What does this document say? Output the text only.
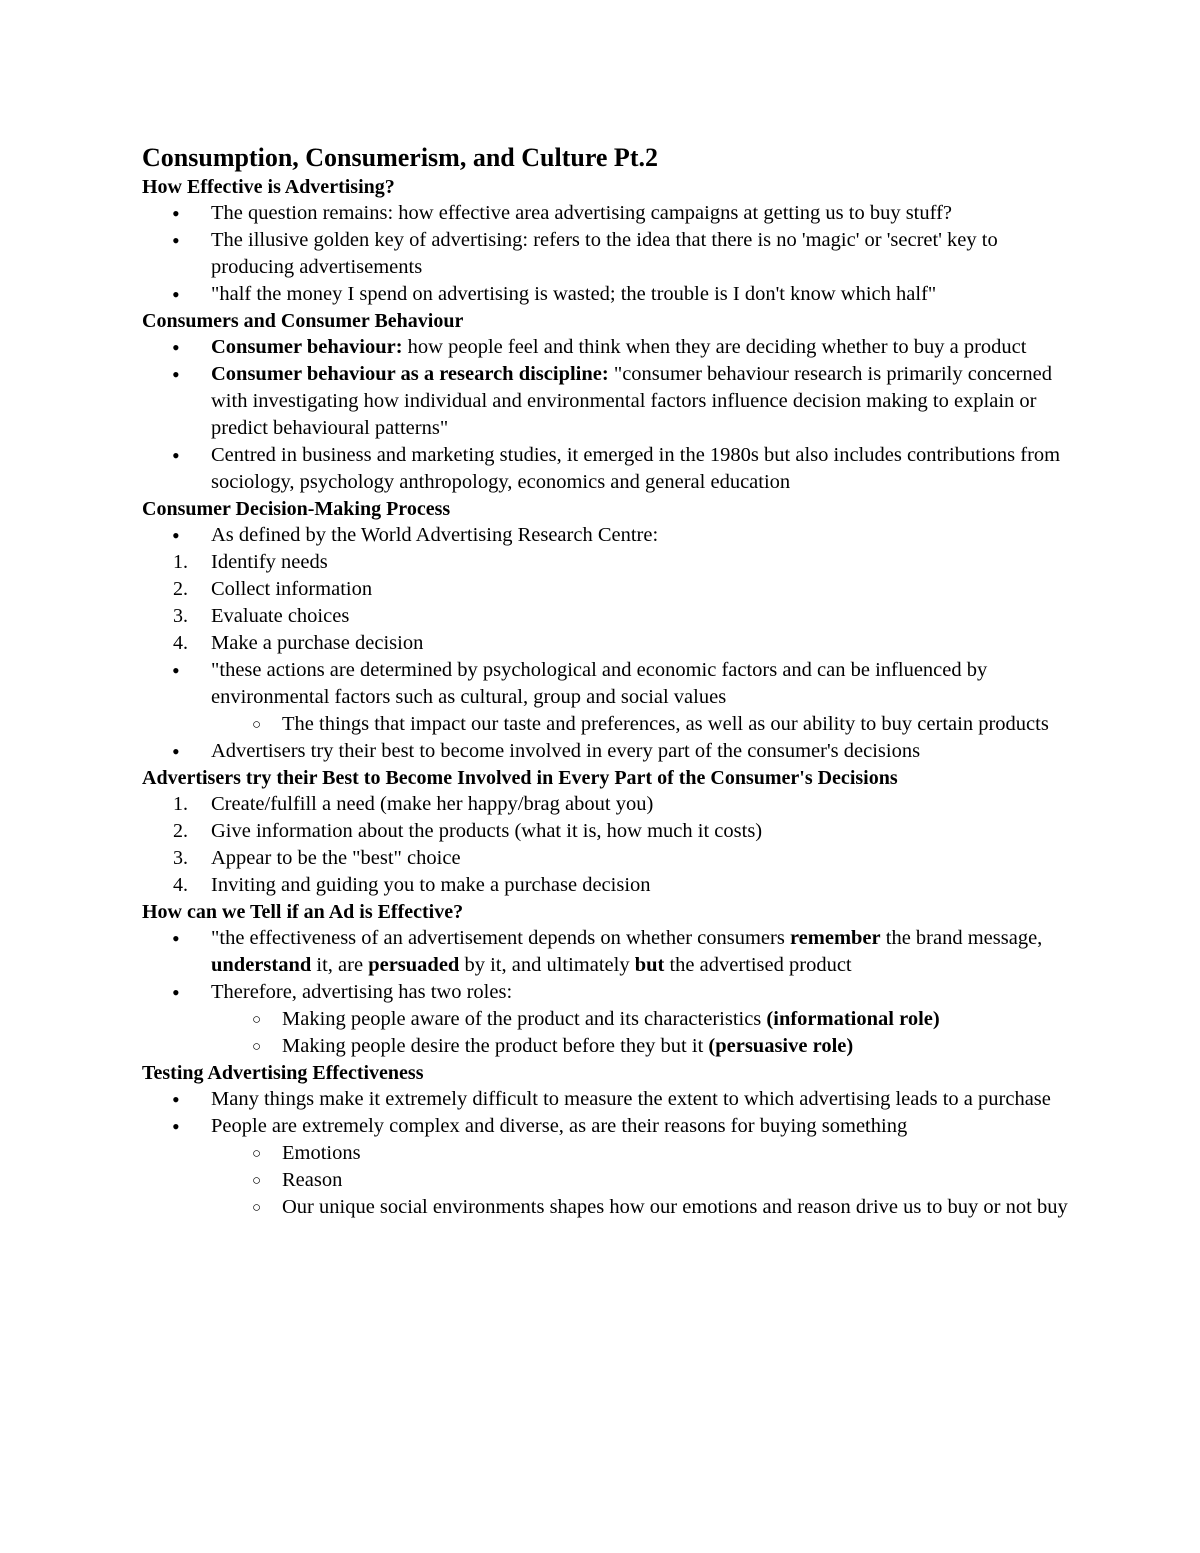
Consumption, Consumerism, and Culture Pt.2
How Effective is Advertising?
•	The question remains: how effective area advertising campaigns at getting us to buy stuff?
•	The illusive golden key of advertising: refers to the idea that there is no 'magic' or 'secret' key to producing advertisements
•	"half the money I spend on advertising is wasted; the trouble is I don't know which half"
Consumers and Consumer Behaviour
•	Consumer behaviour: how people feel and think when they are deciding whether to buy a product
•	Consumer behaviour as a research discipline: "consumer behaviour research is primarily concerned with investigating how individual and environmental factors influence decision making to explain or predict behavioural patterns"
•	Centred in business and marketing studies, it emerged in the 1980s but also includes contributions from sociology, psychology anthropology, economics and general education
Consumer Decision-Making Process
•	As defined by the World Advertising Research Centre:
1.	Identify needs
2.	Collect information
3.	Evaluate choices
4.	Make a purchase decision
•	"these actions are determined by psychological and economic factors and can be influenced by environmental factors such as cultural, group and social values
○ The things that impact our taste and preferences, as well as our ability to buy certain products
•	Advertisers try their best to become involved in every part of the consumer's decisions
Advertisers try their Best to Become Involved in Every Part of the Consumer's Decisions
1.	Create/fulfill a need (make her happy/brag about you)
2.	Give information about the products (what it is, how much it costs)
3.	Appear to be the "best" choice
4.	Inviting and guiding you to make a purchase decision
How can we Tell if an Ad is Effective?
•	"the effectiveness of an advertisement depends on whether consumers remember the brand message, understand it, are persuaded by it, and ultimately but the advertised product
•	Therefore, advertising has two roles:
○ Making people aware of the product and its characteristics (informational role)
○ Making people desire the product before they but it (persuasive role)
Testing Advertising Effectiveness
•	Many things make it extremely difficult to measure the extent to which advertising leads to a purchase
•	People are extremely complex and diverse, as are their reasons for buying something
○ Emotions
○ Reason
○ Our unique social environments shapes how our emotions and reason drive us to buy or not buy
